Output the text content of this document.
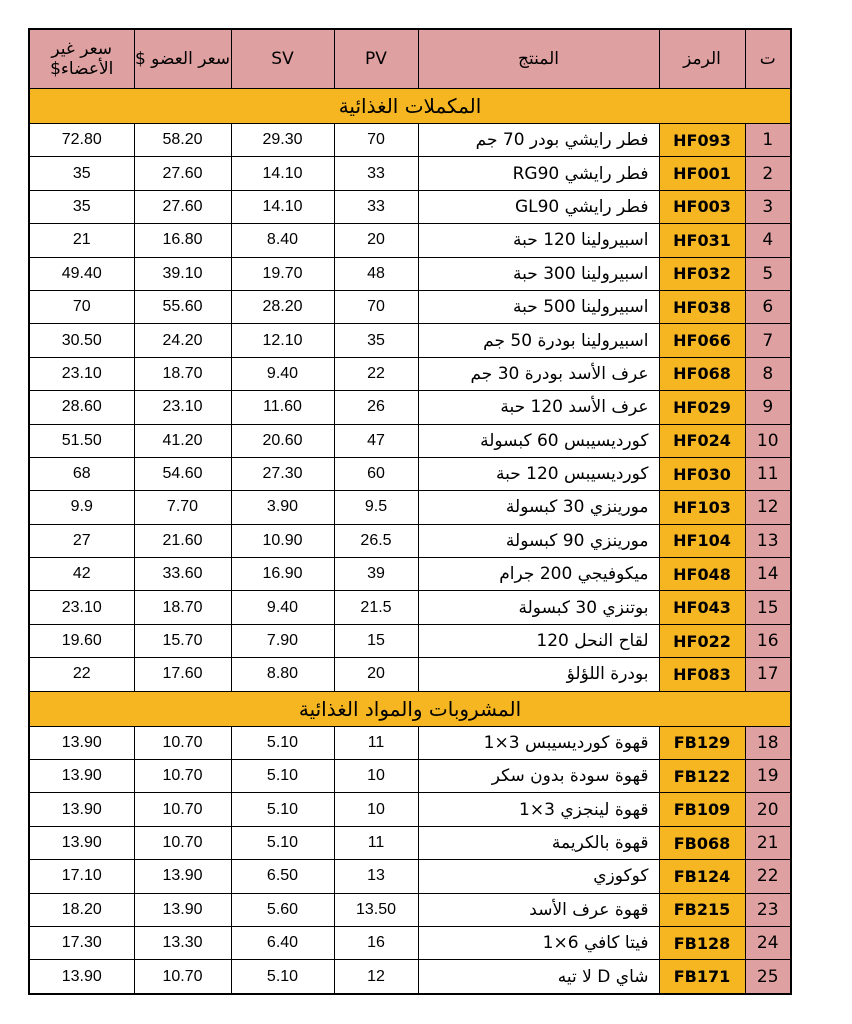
ت	الرمز	المنتج	PV	SV	سعر العضو $	سعر غير الأعضاء$
المكملات الغذائية						
1	HF093	فطر رايشي بودر 70 جم	70	29.30	58.20	72.80
2	HF001	فطر رايشي RG90	33	14.10	27.60	35
3	HF003	فطر رايشي GL90	33	14.10	27.60	35
4	HF031	اسبيرولينا 120 حبة	20	8.40	16.80	21
5	HF032	اسبيرولينا 300 حبة	48	19.70	39.10	49.40
6	HF038	اسبيرولينا 500 حبة	70	28.20	55.60	70
7	HF066	اسبيرولينا بودرة 50 جم	35	12.10	24.20	30.50
8	HF068	عرف الأسد بودرة 30 جم	22	9.40	18.70	23.10
9	HF029	عرف الأسد 120 حبة	26	11.60	23.10	28.60
10	HF024	كورديسيبس 60 كبسولة	47	20.60	41.20	51.50
11	HF030	كورديسيبس 120 حبة	60	27.30	54.60	68
12	HF103	مورينزي 30 كبسولة	9.5	3.90	7.70	9.9
13	HF104	مورينزي 90 كبسولة	26.5	10.90	21.60	27
14	HF048	ميكوفيجي 200 جرام	39	16.90	33.60	42
15	HF043	بوتنزي 30 كبسولة	21.5	9.40	18.70	23.10
16	HF022	لقاح النحل 120	15	7.90	15.70	19.60
17	HF083	بودرة اللؤلؤ	20	8.80	17.60	22
المشروبات والمواد الغذائية						
18	FB129	قهوة كورديسيبس 3×1	11	5.10	10.70	13.90
19	FB122	قهوة سودة بدون سكر	10	5.10	10.70	13.90
20	FB109	قهوة لينجزي 3×1	10	5.10	10.70	13.90
21	FB068	قهوة بالكريمة	11	5.10	10.70	13.90
22	FB124	كوكوزي	13	6.50	13.90	17.10
23	FB215	قهوة عرف الأسد	13.50	5.60	13.90	18.20
24	FB128	فيتا كافي 6×1	16	6.40	13.30	17.30
25	FB171	شاي D لا تيه	12	5.10	10.70	13.90
